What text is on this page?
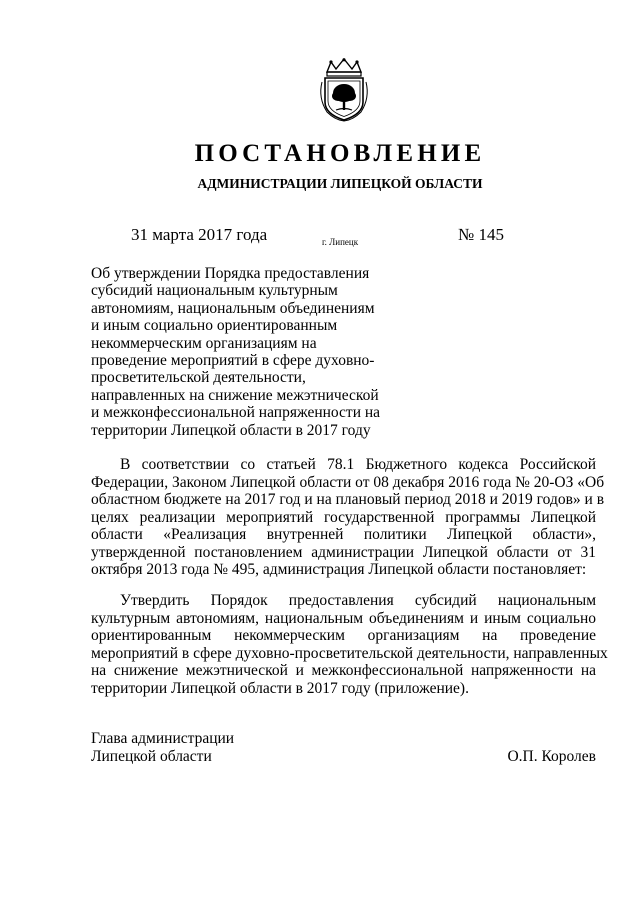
ПОСТАНОВЛЕНИЕ
АДМИНИСТРАЦИИ ЛИПЕЦКОЙ ОБЛАСТИ
31 марта 2017 года	г. Липецк	№ 145
Об утверждении Порядка предоставления
субсидий национальным культурным
автономиям, национальным объединениям
и иным социально ориентированным
некоммерческим организациям на
проведение мероприятий в сфере духовно-
просветительской деятельности,
направленных на снижение межэтнической
и межконфессиональной напряженности на
территории Липецкой области в 2017 году
В соответствии со статьей 78.1 Бюджетного кодекса Российской
Федерации, Законом Липецкой области от 08 декабря 2016 года № 20-ОЗ «Об
областном бюджете на 2017 год и на плановый период 2018 и 2019 годов» и в
целях реализации мероприятий государственной программы Липецкой
области «Реализация внутренней политики Липецкой области»,
утвержденной постановлением администрации Липецкой области от 31
октября 2013 года № 495, администрация Липецкой области постановляет:
Утвердить Порядок предоставления субсидий национальным
культурным автономиям, национальным объединениям и иным социально
ориентированным некоммерческим организациям на проведение
мероприятий в сфере духовно-просветительской деятельности, направленных
на снижение межэтнической и межконфессиональной напряженности на
территории Липецкой области в 2017 году (приложение).
Глава администрации
Липецкой области	О.П. Королев
